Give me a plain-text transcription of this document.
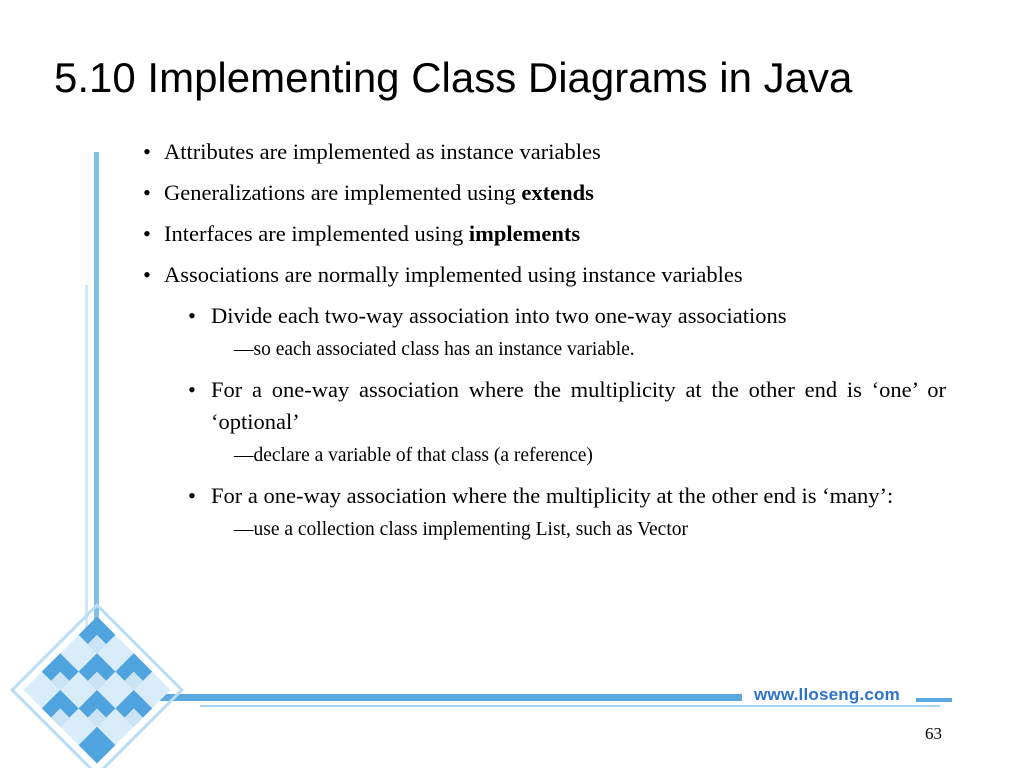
5.10 Implementing Class Diagrams in Java
• Attributes are implemented as instance variables
• Generalizations are implemented using extends
• Interfaces are implemented using implements
• Associations are normally implemented using instance variables
• Divide each two-way association into two one-way associations
—so each associated class has an instance variable.
• For a one-way association where the multiplicity at the other end is ‘one’ or ‘optional’
—declare a variable of that class (a reference)
• For a one-way association where the multiplicity at the other end is ‘many’:
—use a collection class implementing List, such as Vector
www.lloseng.com
63
